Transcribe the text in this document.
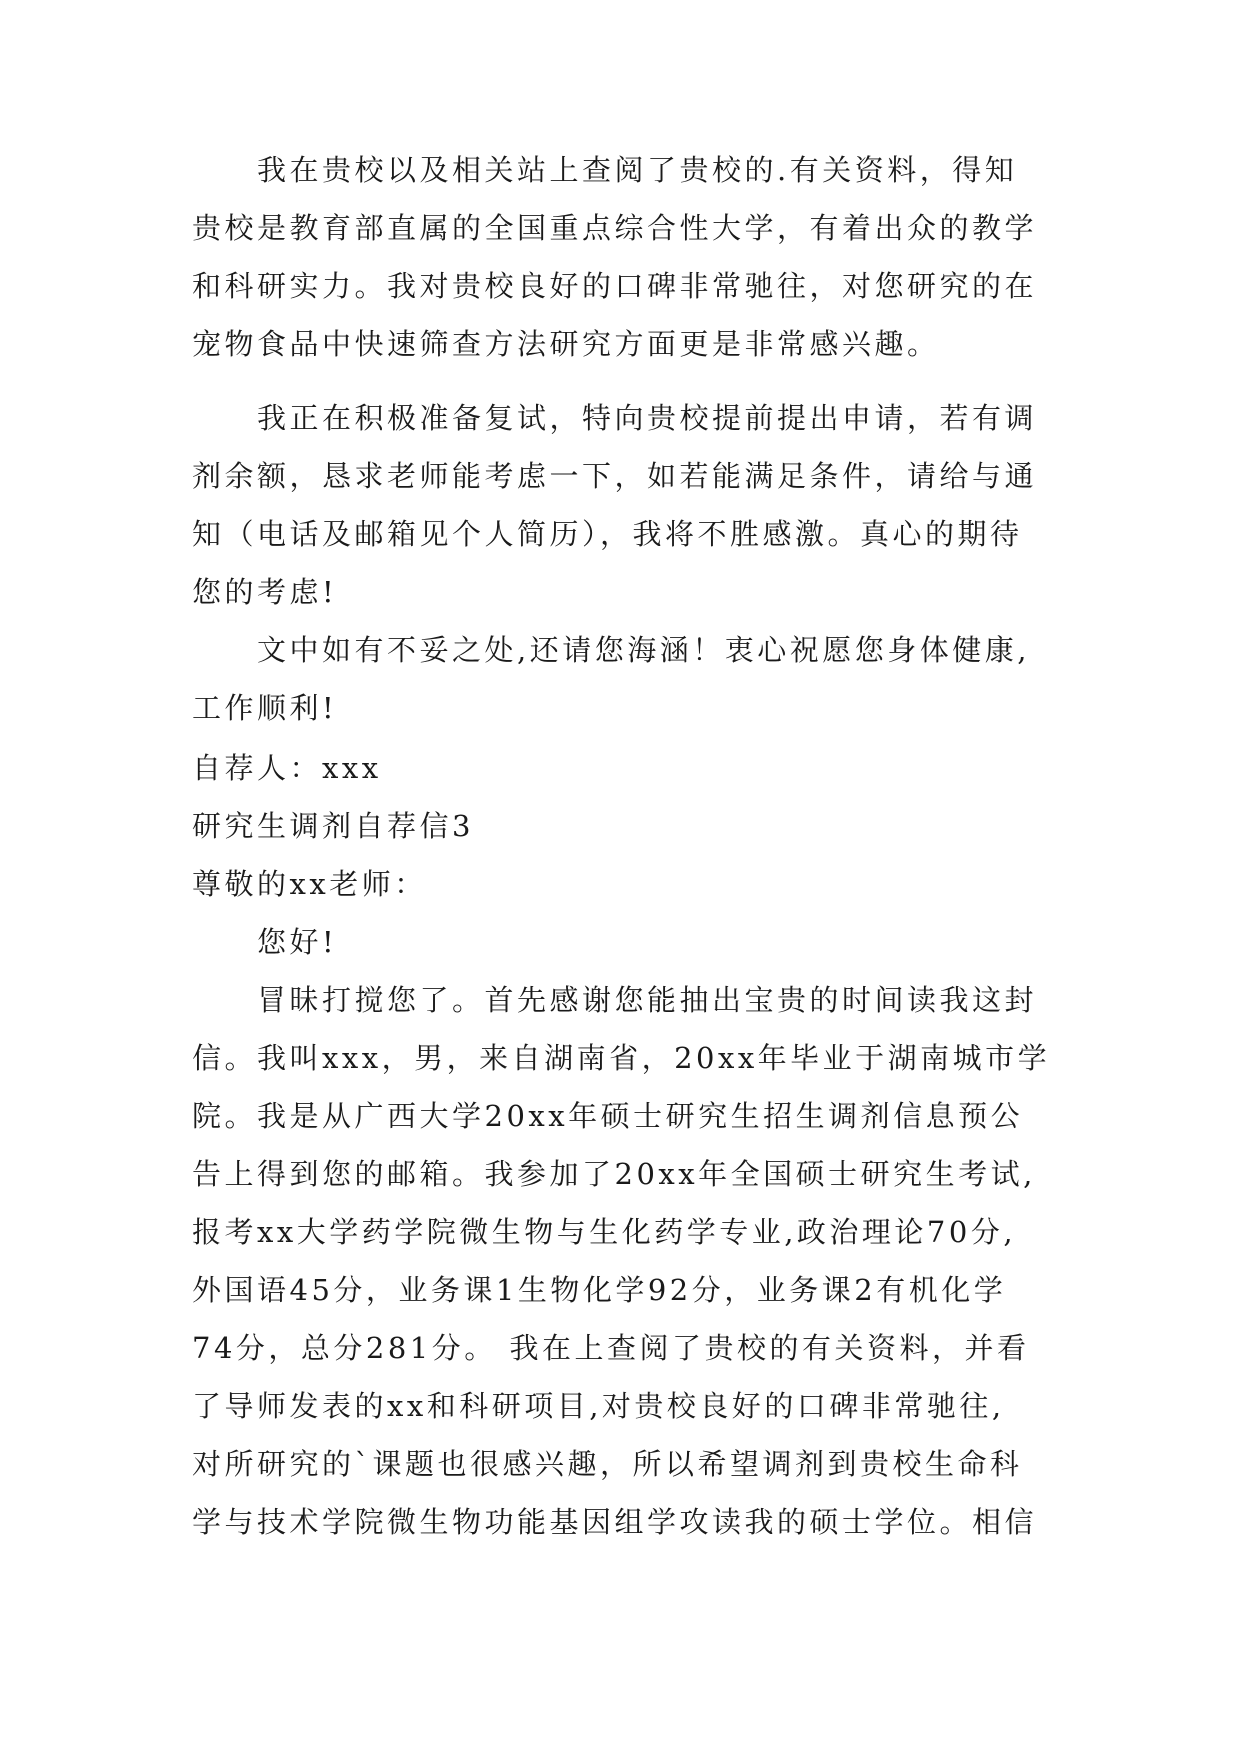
我在贵校以及相关站上查阅了贵校的.有关资料，得知
贵校是教育部直属的全国重点综合性大学，有着出众的教学
和科研实力。我对贵校良好的口碑非常驰往，对您研究的在
宠物食品中快速筛查方法研究方面更是非常感兴趣。
我正在积极准备复试，特向贵校提前提出申请，若有调
剂余额，恳求老师能考虑一下，如若能满足条件，请给与通
知（电话及邮箱见个人简历），我将不胜感激。真心的期待
您的考虑!
文中如有不妥之处,还请您海涵！衷心祝愿您身体健康,
工作顺利!
自荐人：xxx
研究生调剂自荐信3
尊敬的xx老师：
您好!
冒昧打搅您了。首先感谢您能抽出宝贵的时间读我这封
信。我叫xxx，男，来自湖南省，20xx年毕业于湖南城市学
院。我是从广西大学20xx年硕士研究生招生调剂信息预公
告上得到您的邮箱。我参加了20xx年全国硕士研究生考试,
报考xx大学药学院微生物与生化药学专业,政治理论70分,
外国语45分，业务课1生物化学92分，业务课2有机化学
74分，总分281分。 我在上查阅了贵校的有关资料，并看
了导师发表的xx和科研项目,对贵校良好的口碑非常驰往,
对所研究的`课题也很感兴趣，所以希望调剂到贵校生命科
学与技术学院微生物功能基因组学攻读我的硕士学位。相信
